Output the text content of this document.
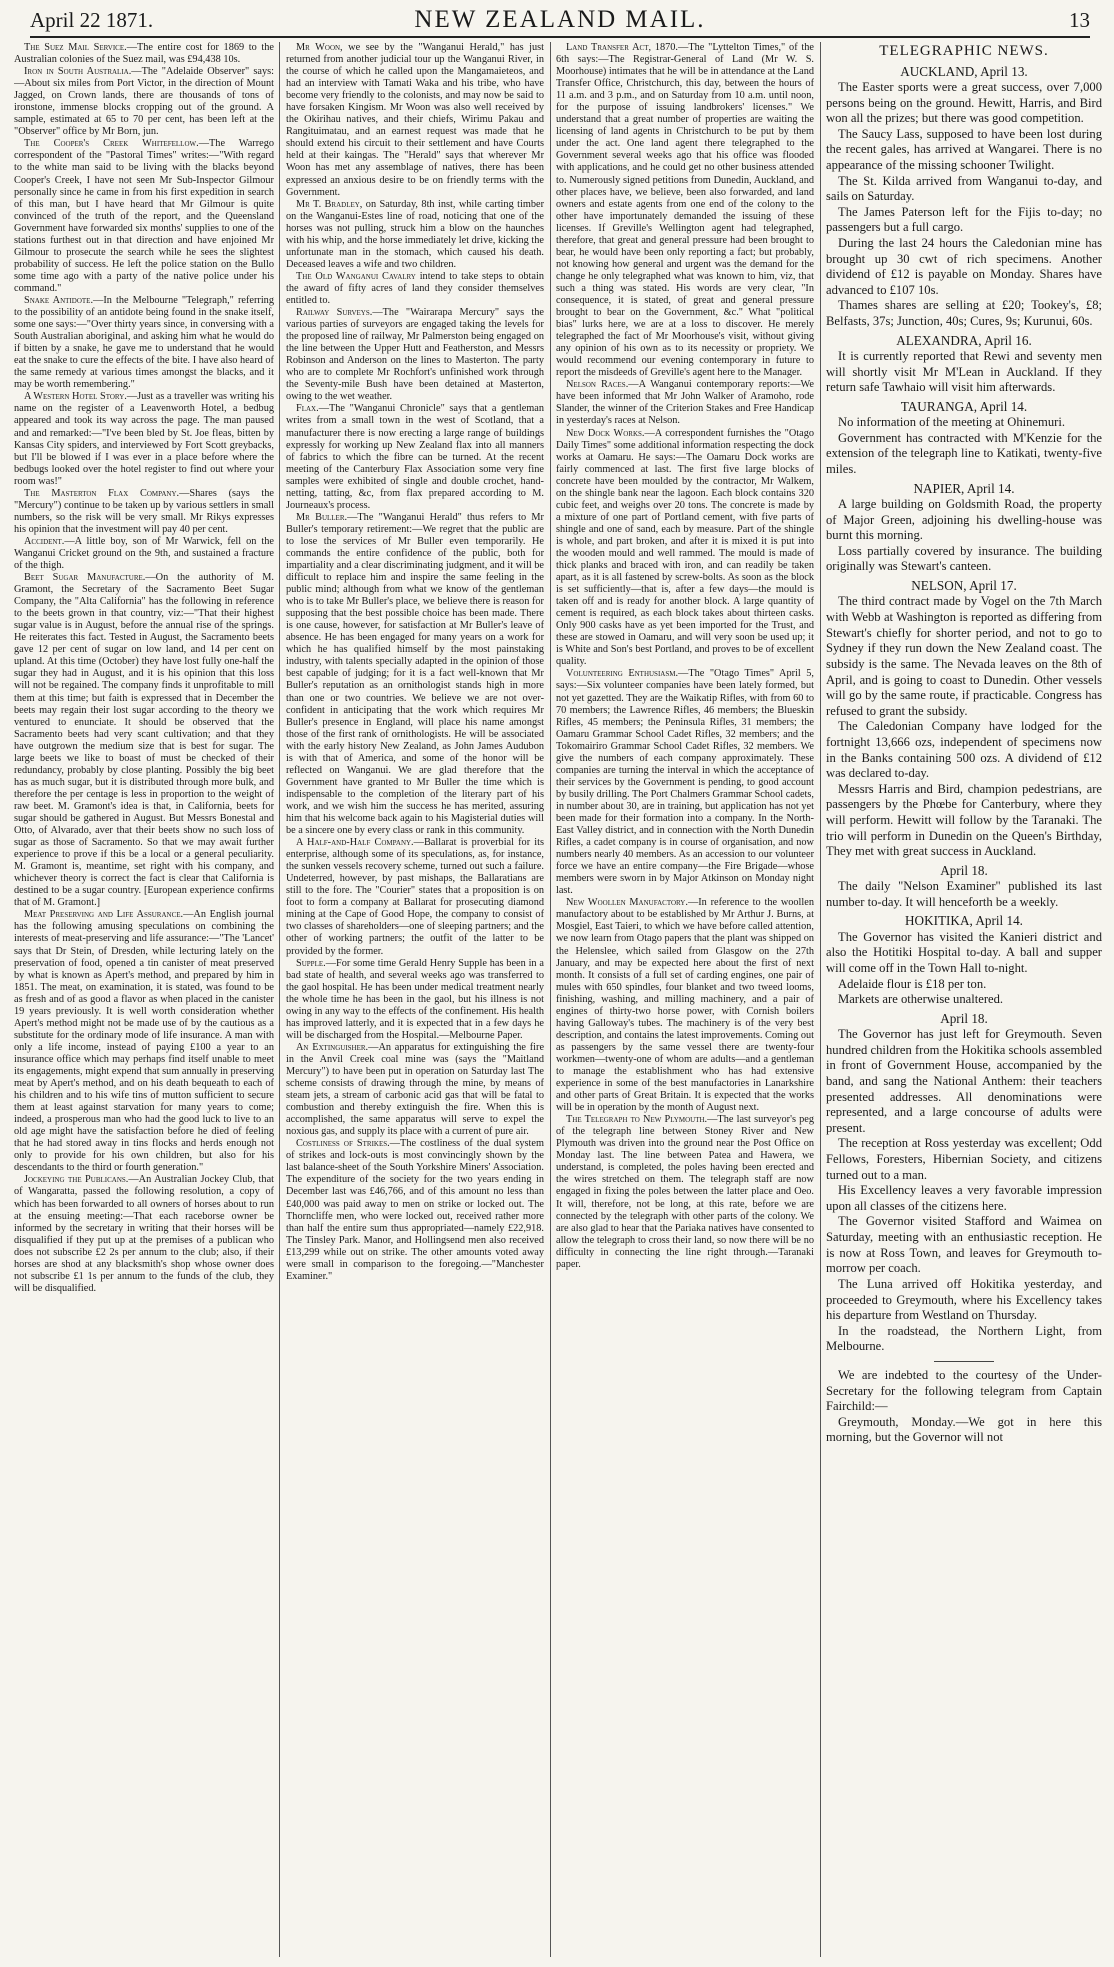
April 22 1871.	NEW ZEALAND MAIL.	13

The Suez Mail Service.—The entire cost for 1869 to the Australian colonies of the Suez mail, was £94,438 10s.

Iron in South Australia.—The "Adelaide Observer" says:—About six miles from Port Victor, in the direction of Mount Jagged, on Crown lands, there are thousands of tons of ironstone, immense blocks cropping out of the ground. A sample, estimated at 65 to 70 per cent, has been left at the "Observer" office by Mr Born, jun.

The Cooper's Creek Whitefellow.—The Warrego correspondent of the "Pastoral Times" writes:—"With regard to the white man said to be living with the blacks beyond Cooper's Creek, I have not seen Mr Sub-Inspector Gilmour personally since he came in from his first expedition in search of this man, but I have heard that Mr Gilmour is quite convinced of the truth of the report, and the Queensland Government have forwarded six months' supplies to one of the stations furthest out in that direction and have enjoined Mr Gilmour to prosecute the search while he sees the slightest probability of success. He left the police station on the Bullo some time ago with a party of the native police under his command."

Snake Antidote.—In the Melbourne "Telegraph," referring to the possibility of an antidote being found in the snake itself, some one says:—"Over thirty years since, in conversing with a South Australian aboriginal, and asking him what he would do if bitten by a snake, he gave me to understand that he would eat the snake to cure the effects of the bite. I have also heard of the same remedy at various times amongst the blacks, and it may be worth remembering."

A Western Hotel Story.—Just as a traveller was writing his name on the register of a Leavenworth Hotel, a bedbug appeared and took its way across the page. The man paused and and remarked:—"I've been bled by St. Joe fleas, bitten by Kansas City spiders, and interviewed by Fort Scott greybacks, but I'll be blowed if I was ever in a place before where the bedbugs looked over the hotel register to find out where your room was!"

The Masterton Flax Company.—Shares (says the "Mercury") continue to be taken up by various settlers in small numbers, so the risk will be very small. Mr Rikys expresses his opinion that the investment will pay 40 per cent.

Accident.—A little boy, son of Mr Warwick, fell on the Wanganui Cricket ground on the 9th, and sustained a fracture of the thigh.

Beet Sugar Manufacture.—On the authority of M. Gramont, the Secretary of the Sacramento Beet Sugar Company, the "Alta California" has the following in reference to the beets grown in that country, viz:—"That their highest sugar value is in August, before the annual rise of the springs. He reiterates this fact. Tested in August, the Sacramento beets gave 12 per cent of sugar on low land, and 14 per cent on upland. At this time (October) they have lost fully one-half the sugar they had in August, and it is his opinion that this loss will not be regained. The company finds it unprofitable to mill them at this time; but faith is expressed that in December the beets may regain their lost sugar according to the theory we ventured to enunciate. It should be observed that the Sacramento beets had very scant cultivation; and that they have outgrown the medium size that is best for sugar. The large beets we like to boast of must be checked of their redundancy, probably by close planting. Possibly the big beet has as much sugar, but it is distributed through more bulk, and therefore the per centage is less in proportion to the weight of raw beet. M. Gramont's idea is that, in California, beets for sugar should be gathered in August. But Messrs Bonestal and Otto, of Alvarado, aver that their beets show no such loss of sugar as those of Sacramento. So that we may await further experience to prove if this be a local or a general peculiarity. M. Gramont is, meantime, set right with his company, and whichever theory is correct the fact is clear that California is destined to be a sugar country. [European experience confirms that of M. Gramont.]

Meat Preserving and Life Assurance.—An English journal has the following amusing speculations on combining the interests of meat-preserving and life assurance:—"The 'Lancet' says that Dr Stein, of Dresden, while lecturing lately on the preservation of food, opened a tin canister of meat preserved by what is known as Apert's method, and prepared by him in 1851. The meat, on examination, it is stated, was found to be as fresh and of as good a flavor as when placed in the canister 19 years previously. It is well worth consideration whether Apert's method might not be made use of by the cautious as a substitute for the ordinary mode of life insurance. A man with only a life income, instead of paying £100 a year to an insurance office which may perhaps find itself unable to meet its engagements, might expend that sum annually in preserving meat by Apert's method, and on his death bequeath to each of his children and to his wife tins of mutton sufficient to secure them at least against starvation for many years to come; indeed, a prosperous man who had the good luck to live to an old age might have the satisfaction before he died of feeling that he had stored away in tins flocks and herds enough not only to provide for his own children, but also for his descendants to the third or fourth generation."

Jockeying the Publicans.—An Australian Jockey Club, that of Wangaratta, passed the following resolution, a copy of which has been forwarded to all owners of horses about to run at the ensuing meeting:—That each raceborse owner be informed by the secretary in writing that their horses will be disqualified if they put up at the premises of a publican who does not subscribe £2 2s per annum to the club; also, if their horses are shod at any blacksmith's shop whose owner does not subscribe £1 1s per annum to the funds of the club, they will be disqualified.

Mr Woon, we see by the "Wanganui Herald," has just returned from another judicial tour up the Wanganui River, in the course of which he called upon the Mangamaieteos, and had an interview with Tamati Waka and his tribe, who have become very friendly to the colonists, and may now be said to have forsaken Kingism. Mr Woon was also well received by the Okirihau natives, and their chiefs, Wirimu Pakau and Rangituimatau, and an earnest request was made that he should extend his circuit to their settlement and have Courts held at their kaingas. The "Herald" says that wherever Mr Woon has met any assemblage of natives, there has been expressed an anxious desire to be on friendly terms with the Government.

Mr T. Bradley, on Saturday, 8th inst, while carting timber on the Wanganui-Estes line of road, noticing that one of the horses was not pulling, struck him a blow on the haunches with his whip, and the horse immediately let drive, kicking the unfortunate man in the stomach, which caused his death. Deceased leaves a wife and two children.

The Old Wanganui Cavalry intend to take steps to obtain the award of fifty acres of land they consider themselves entitled to.

Railway Surveys.—The "Wairarapa Mercury" says the various parties of surveyors are engaged taking the levels for the proposed line of railway, Mr Palmerston being engaged on the line between the Upper Hutt and Featherston, and Messrs Robinson and Anderson on the lines to Masterton. The party who are to complete Mr Rochfort's unfinished work through the Seventy-mile Bush have been detained at Masterton, owing to the wet weather.

Flax.—The "Wanganui Chronicle" says that a gentleman writes from a small town in the west of Scotland, that a manufacturer there is now erecting a large range of buildings expressly for working up New Zealand flax into all manners of fabrics to which the fibre can be turned. At the recent meeting of the Canterbury Flax Association some very fine samples were exhibited of single and double crochet, hand-netting, tatting, &c, from flax prepared according to M. Journeaux's process.

Mr Buller.—The "Wanganui Herald" thus refers to Mr Buller's temporary retirement:—We regret that the public are to lose the services of Mr Buller even temporarily. He commands the entire confidence of the public, both for impartiality and a clear discriminating judgment, and it will be difficult to replace him and inspire the same feeling in the public mind; although from what we know of the gentleman who is to take Mr Buller's place, we believe there is reason for supposing that the best possible choice has been made. There is one cause, however, for satisfaction at Mr Buller's leave of absence. He has been engaged for many years on a work for which he has qualified himself by the most painstaking industry, with talents specially adapted in the opinion of those best capable of judging; for it is a fact well-known that Mr Buller's reputation as an ornithologist stands high in more than one or two countries. We believe we are not over-confident in anticipating that the work which requires Mr Buller's presence in England, will place his name amongst those of the first rank of ornithologists. He will be associated with the early history New Zealand, as John James Audubon is with that of America, and some of the honor will be reflected on Wanganui. We are glad therefore that the Government have granted to Mr Buller the time which is indispensable to the completion of the literary part of his work, and we wish him the success he has merited, assuring him that his welcome back again to his Magisterial duties will be a sincere one by every class or rank in this community.

A Half-and-Half Company.—Ballarat is proverbial for its enterprise, although some of its speculations, as, for instance, the sunken vessels recovery scheme, turned out such a failure. Undeterred, however, by past mishaps, the Ballaratians are still to the fore. The "Courier" states that a proposition is on foot to form a company at Ballarat for prosecuting diamond mining at the Cape of Good Hope, the company to consist of two classes of shareholders—one of sleeping partners; and the other of working partners; the outfit of the latter to be provided by the former.

Supple.—For some time Gerald Henry Supple has been in a bad state of health, and several weeks ago was transferred to the gaol hospital. He has been under medical treatment nearly the whole time he has been in the gaol, but his illness is not owing in any way to the effects of the confinement. His health has improved latterly, and it is expected that in a few days he will be discharged from the Hospital.—Melbourne Paper.

An Extinguisher.—An apparatus for extinguishing the fire in the Anvil Creek coal mine was (says the "Maitland Mercury") to have been put in operation on Saturday last The scheme consists of drawing through the mine, by means of steam jets, a stream of carbonic acid gas that will be fatal to combustion and thereby extinguish the fire. When this is accomplished, the same apparatus will serve to expel the noxious gas, and supply its place with a current of pure air.

Costliness of Strikes.—The costliness of the dual system of strikes and lock-outs is most convincingly shown by the last balance-sheet of the South Yorkshire Miners' Association. The expenditure of the society for the two years ending in December last was £46,766, and of this amount no less than £40,000 was paid away to men on strike or locked out. The Thorncliffe men, who were locked out, received rather more than half the entire sum thus appropriated—namely £22,918. The Tinsley Park. Manor, and Hollingsend men also received £13,299 while out on strike. The other amounts voted away were small in comparison to the foregoing.—"Manchester Examiner."

Land Transfer Act, 1870.—The "Lyttelton Times," of the 6th says:—The Registrar-General of Land (Mr W. S. Moorhouse) intimates that he will be in attendance at the Land Transfer Office, Christchurch, this day, between the hours of 11 a.m. and 3 p.m., and on Saturday from 10 a.m. until noon, for the purpose of issuing landbrokers' licenses." We understand that a great number of properties are waiting the licensing of land agents in Christchurch to be put by them under the act. One land agent there telegraphed to the Government several weeks ago that his office was flooded with applications, and he could get no other business attended to. Numerously signed petitions from Dunedin, Auckland, and other places have, we believe, been also forwarded, and land owners and estate agents from one end of the colony to the other have importunately demanded the issuing of these licenses. If Greville's Wellington agent had telegraphed, therefore, that great and general pressure had been brought to bear, he would have been only reporting a fact; but probably, not knowing how general and urgent was the demand for the change he only telegraphed what was known to him, viz, that such a thing was stated. His words are very clear, "In consequence, it is stated, of great and general pressure brought to bear on the Government, &c." What "political bias" lurks here, we are at a loss to discover. He merely telegraphed the fact of Mr Moorhouse's visit, without giving any opinion of his own as to its necessity or propriety. We would recommend our evening contemporary in future to report the misdeeds of Greville's agent here to the Manager.

Nelson Races.—A Wanganui contemporary reports:—We have been informed that Mr John Walker of Aramoho, rode Slander, the winner of the Criterion Stakes and Free Handicap in yesterday's races at Nelson.

New Dock Works.—A correspondent furnishes the "Otago Daily Times" some additional information respecting the dock works at Oamaru. He says:—The Oamaru Dock works are fairly commenced at last. The first five large blocks of concrete have been moulded by the contractor, Mr Walkem, on the shingle bank near the lagoon. Each block contains 320 cubic feet, and weighs over 20 tons. The concrete is made by a mixture of one part of Portland cement, with five parts of shingle and one of sand, each by measure. Part of the shingle is whole, and part broken, and after it is mixed it is put into the wooden mould and well rammed. The mould is made of thick planks and braced with iron, and can readily be taken apart, as it is all fastened by screw-bolts. As soon as the block is set sufficiently—that is, after a few days—the mould is taken off and is ready for another block. A large quantity of cement is required, as each block takes about thirteen casks. Only 900 casks have as yet been imported for the Trust, and these are stowed in Oamaru, and will very soon be used up; it is White and Son's best Portland, and proves to be of excellent quality.

Volunteering Enthusiasm.—The "Otago Times" April 5, says:—Six volunteer companies have been lately formed, but not yet gazetted. They are the Waikatip Rifles, with from 60 to 70 members; the Lawrence Rifles, 46 members; the Blueskin Rifles, 45 members; the Peninsula Rifles, 31 members; the Oamaru Grammar School Cadet Rifles, 32 members; and the Tokomairiro Grammar School Cadet Rifles, 32 members. We give the numbers of each company approximately. These companies are turning the interval in which the acceptance of their services by the Government is pending, to good account by busily drilling. The Port Chalmers Grammar School cadets, in number about 30, are in training, but application has not yet been made for their formation into a company. In the North-East Valley district, and in connection with the North Dunedin Rifles, a cadet company is in course of organisation, and now numbers nearly 40 members. As an accession to our volunteer force we have an entire company—the Fire Brigade—whose members were sworn in by Major Atkinson on Monday night last.

New Woollen Manufactory.—In reference to the woollen manufactory about to be established by Mr Arthur J. Burns, at Mosgiel, East Taieri, to which we have before called attention, we now learn from Otago papers that the plant was shipped on the Helenslee, which sailed from Glasgow on the 27th January, and may be expected here about the first of next month. It consists of a full set of carding engines, one pair of mules with 650 spindles, four blanket and two tweed looms, finishing, washing, and milling machinery, and a pair of engines of thirty-two horse power, with Cornish boilers having Galloway's tubes. The machinery is of the very best description, and contains the latest improvements. Coming out as passengers by the same vessel there are twenty-four workmen—twenty-one of whom are adults—and a gentleman to manage the establishment who has had extensive experience in some of the best manufactories in Lanarkshire and other parts of Great Britain. It is expected that the works will be in operation by the month of August next.

The Telegraph to New Plymouth.—The last surveyor's peg of the telegraph line between Stoney River and New Plymouth was driven into the ground near the Post Office on Monday last. The line between Patea and Hawera, we understand, is completed, the poles having been erected and the wires stretched on them. The telegraph staff are now engaged in fixing the poles between the latter place and Oeo. It will, therefore, not be long, at this rate, before we are connected by the telegraph with other parts of the colony. We are also glad to hear that the Pariaka natives have consented to allow the telegraph to cross their land, so now there will be no difficulty in connecting the line right through.—Taranaki paper.

TELEGRAPHIC NEWS.
AUCKLAND, April 13.

The Easter sports were a great success, over 7,000 persons being on the ground. Hewitt, Harris, and Bird won all the prizes; but there was good competition.

The Saucy Lass, supposed to have been lost during the recent gales, has arrived at Wangarei. There is no appearance of the missing schooner Twilight.

The St. Kilda arrived from Wanganui to-day, and sails on Saturday.

The James Paterson left for the Fijis to-day; no passengers but a full cargo.

During the last 24 hours the Caledonian mine has brought up 30 cwt of rich specimens. Another dividend of £12 is payable on Monday. Shares have advanced to £107 10s.

Thames shares are selling at £20; Tookey's, £8; Belfasts, 37s; Junction, 40s; Cures, 9s; Kurunui, 60s.

ALEXANDRA, April 16.

It is currently reported that Rewi and seventy men will shortly visit Mr M'Lean in Auckland. If they return safe Tawhaio will visit him afterwards.

TAURANGA, April 14.

No information of the meeting at Ohinemuri.

Government has contracted with M'Kenzie for the extension of the telegraph line to Katikati, twenty-five miles.

NAPIER, April 14.

A large building on Goldsmith Road, the property of Major Green, adjoining his dwelling-house was burnt this morning.

Loss partially covered by insurance. The building originally was Stewart's canteen.

NELSON, April 17.

The third contract made by Vogel on the 7th March with Webb at Washington is reported as differing from Stewart's chiefly for shorter period, and not to go to Sydney if they run down the New Zealand coast. The subsidy is the same. The Nevada leaves on the 8th of April, and is going to coast to Dunedin. Other vessels will go by the same route, if practicable. Congress has refused to grant the subsidy.

The Caledonian Company have lodged for the fortnight 13,666 ozs, independent of specimens now in the Banks containing 500 ozs. A dividend of £12 was declared to-day.

Messrs Harris and Bird, champion pedestrians, are passengers by the Phœbe for Canterbury, where they will perform. Hewitt will follow by the Taranaki. The trio will perform in Dunedin on the Queen's Birthday, They met with great success in Auckland.

April 18.

The daily "Nelson Examiner" published its last number to-day. It will henceforth be a weekly.

HOKITIKA, April 14.

The Governor has visited the Kanieri district and also the Hotitiki Hospital to-day. A ball and supper will come off in the Town Hall to-night.

Adelaide flour is £18 per ton.

Markets are otherwise unaltered.

April 18.

The Governor has just left for Greymouth. Seven hundred children from the Hokitika schools assembled in front of Government House, accompanied by the band, and sang the National Anthem: their teachers presented addresses. All denominations were represented, and a large concourse of adults were present.

The reception at Ross yesterday was excellent; Odd Fellows, Foresters, Hibernian Society, and citizens turned out to a man.

His Excellency leaves a very favorable impression upon all classes of the citizens here.

The Governor visited Stafford and Waimea on Saturday, meeting with an enthusiastic reception. He is now at Ross Town, and leaves for Greymouth to-morrow per coach.

The Luna arrived off Hokitika yesterday, and proceeded to Greymouth, where his Excellency takes his departure from Westland on Thursday.

In the roadstead, the Northern Light, from Melbourne.

We are indebted to the courtesy of the Under-Secretary for the following telegram from Captain Fairchild:—

Greymouth, Monday.—We got in here this morning, but the Governor will not
